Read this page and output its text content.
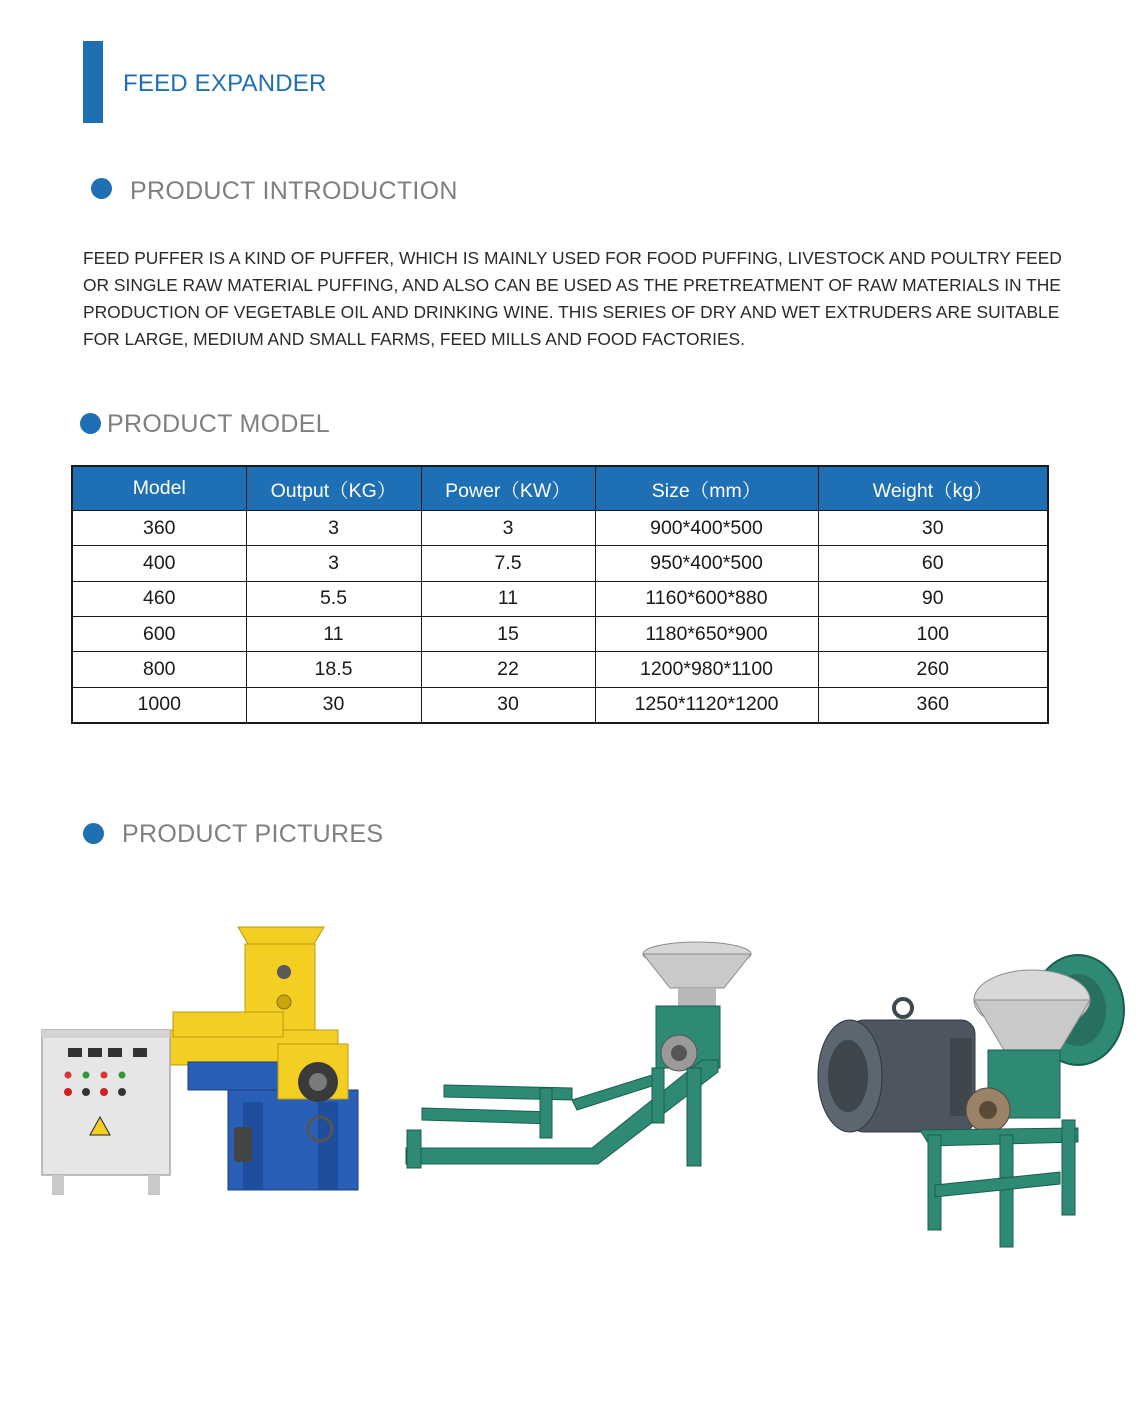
FEED EXPANDER
PRODUCT INTRODUCTION

FEED PUFFER IS A KIND OF PUFFER, WHICH IS MAINLY USED FOR FOOD PUFFING, LIVESTOCK AND POULTRY FEED OR SINGLE RAW MATERIAL PUFFING, AND ALSO CAN BE USED AS THE PRETREATMENT OF RAW MATERIALS IN THE PRODUCTION OF VEGETABLE OIL AND DRINKING WINE. THIS SERIES OF DRY AND WET EXTRUDERS ARE SUITABLE FOR LARGE, MEDIUM AND SMALL FARMS, FEED MILLS AND FOOD FACTORIES.

PRODUCT MODEL
Model	Output（KG）	Power（KW）	Size（mm）	Weight（kg）
360	3	3	900*400*500	30
400	3	7.5	950*400*500	60
460	5.5	11	1160*600*880	90
600	11	15	1180*650*900	100
800	18.5	22	1200*980*1100	260
1000	30	30	1250*1120*1200	360
PRODUCT PICTURES
